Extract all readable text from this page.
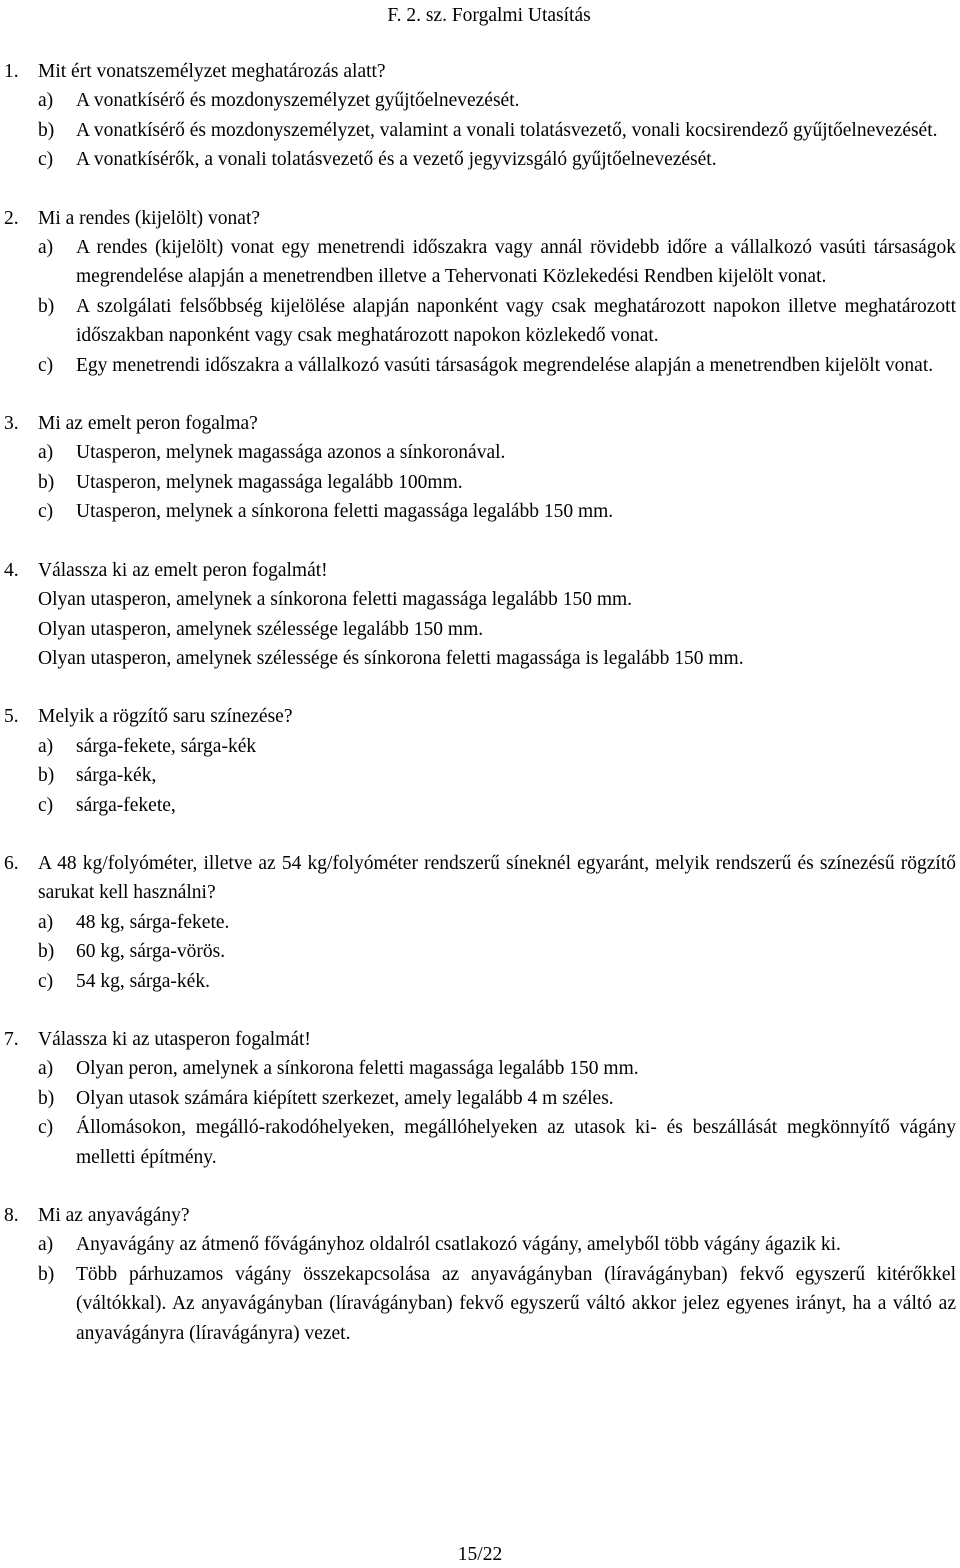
F. 2. sz. Forgalmi Utasítás
1. Mit ért vonatszemélyzet meghatározás alatt?
a)	A vonatkísérő és mozdonyszemélyzet gyűjtőelnevezését.
b)	A vonatkísérő és mozdonyszemélyzet, valamint a vonali tolatásvezető, vonali kocsirendező gyűjtőelnevezését.
c)	A vonatkísérők, a vonali tolatásvezető és a vezető jegyvizsgáló gyűjtőelnevezését.
2. Mi a rendes (kijelölt) vonat?
a)	A rendes (kijelölt) vonat egy menetrendi időszakra vagy annál rövidebb időre a vállalkozó vasúti társaságok megrendelése alapján a menetrendben illetve a Tehervonati Közlekedési Rendben kijelölt vonat.
b)	A szolgálati felsőbbség kijelölése alapján naponként vagy csak meghatározott napokon illetve meghatározott időszakban naponként vagy csak meghatározott napokon közlekedő vonat.
c)	Egy menetrendi időszakra a vállalkozó vasúti társaságok megrendelése alapján a menetrendben kijelölt vonat.
3. Mi az emelt peron fogalma?
a)	Utasperon, melynek magassága azonos a sínkoronával.
b)	Utasperon, melynek magassága legalább 100mm.
c)	Utasperon, melynek a sínkorona feletti magassága legalább 150 mm.
4. Válassza ki az emelt peron fogalmát!
Olyan utasperon, amelynek a sínkorona feletti magassága legalább 150 mm.
Olyan utasperon, amelynek szélessége legalább 150 mm.
Olyan utasperon, amelynek szélessége és sínkorona feletti magassága is legalább 150 mm.
5. Melyik a rögzítő saru színezése?
a)	sárga-fekete, sárga-kék
b)	sárga-kék,
c)	sárga-fekete,
6. A 48 kg/folyóméter, illetve az 54 kg/folyóméter rendszerű síneknél egyaránt, melyik rendszerű és színezésű rögzítő sarukat kell használni?
a)	48 kg, sárga-fekete.
b)	60 kg, sárga-vörös.
c)	54 kg, sárga-kék.
7. Válassza ki az utasperon fogalmát!
a)	Olyan peron, amelynek a sínkorona feletti magassága legalább 150 mm.
b)	Olyan utasok számára kiépített szerkezet, amely legalább 4 m széles.
c)	Állomásokon, megálló-rakodóhelyeken, megállóhelyeken az utasok ki- és beszállását megkönnyítő vágány melletti építmény.
8. Mi az anyavágány?
a)	Anyavágány az átmenő fővágányhoz oldalról csatlakozó vágány, amelyből több vágány ágazik ki.
b)	Több párhuzamos vágány összekapcsolása az anyavágányban (líravágányban) fekvő egyszerű kitérőkkel (váltókkal). Az anyavágányban (líravágányban) fekvő egyszerű váltó akkor jelez egyenes irányt, ha a váltó az anyavágányra (líravágányra) vezet.
15/22
